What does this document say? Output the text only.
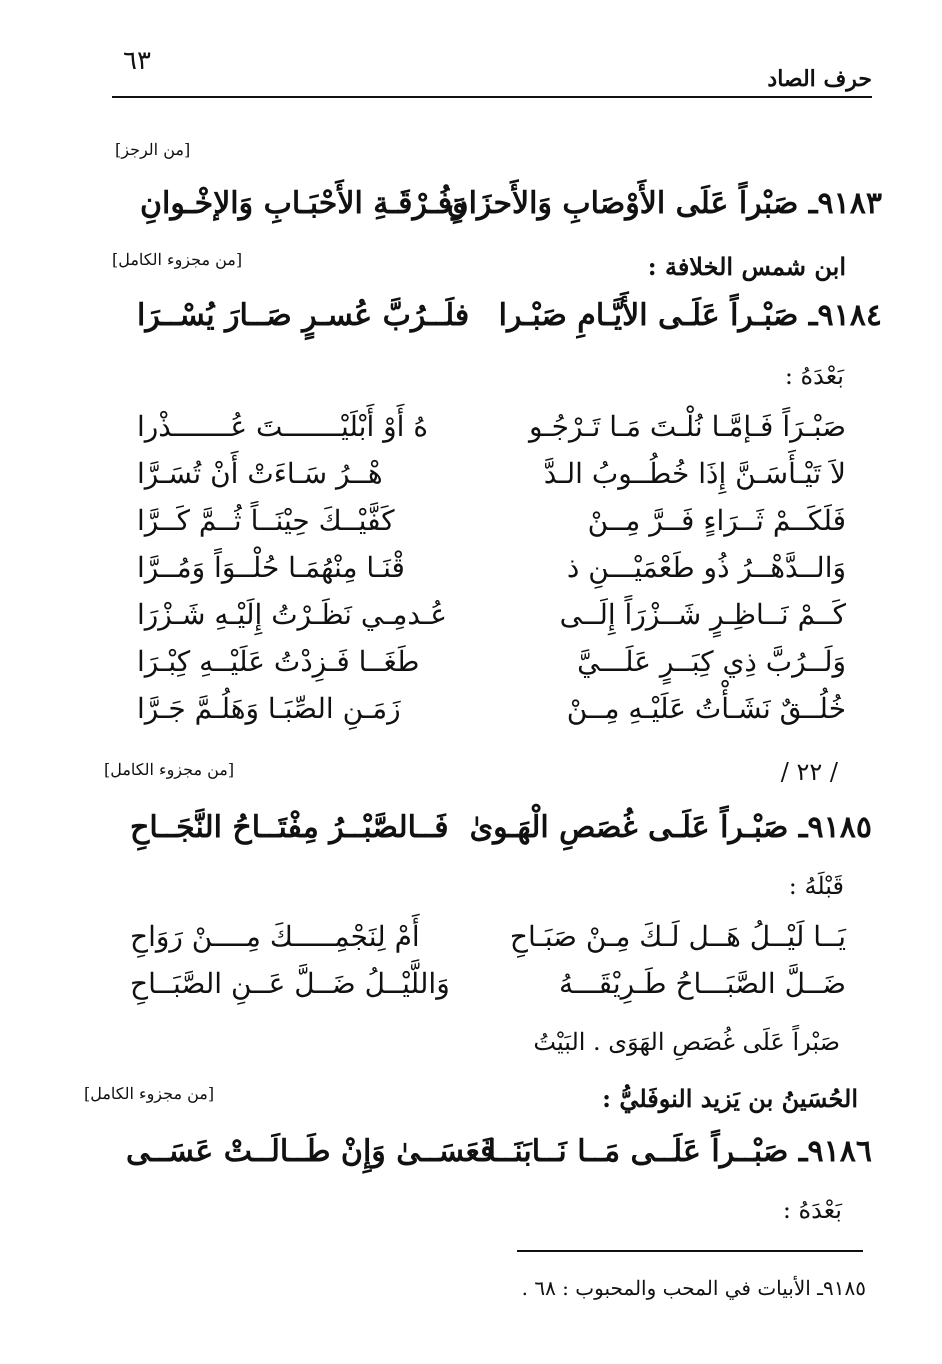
حرف الصاد
٦٣
[من الرجز]
٩١٨٣ـ صَبْراً عَلَى الأَوْصَابِ وَالأَحزَانِ
وَفُـرْقَـةِ الأَحْبَـابِ وَالإخْـوانِ
ابن شمس الخلافة :
[من مجزوء الكامل]
٩١٨٤ـ صَبْـراً عَلَـى الأَيَّـامِ صَبْـرا
فلَــرُبَّ عُسـرٍ صَــارَ يُسْــرَا
بَعْدَهُ :
صَبْـرَاً فَـإمَّـا نُلْـتَ مَـا تَـرْجُـو
هُ أَوْ أَبْلَيْـــــــتَ عُـــــــذْرا
لاَ تَيْـأَسَـنَّ إِذَا خُطُــوبُ الـدَّ
هْــرُ سَـاءَتْ أَنْ تُسَـرَّا
فَلَكَــمْ ثَــرَاءٍ فَــرَّ مِــنْ
كَفَّيْــكَ حِيْنَــاً ثُــمَّ كَــرَّا
وَالــدَّهْــرُ ذُو طَعْمَيْـــنِ ذ
قْنَـا مِنْهُمَـا حُلْــوَاً وَمُــرَّا
كَــمْ نَــاظِـرٍ شَــزْرَاً إِلَــى
عُـدمِـي نَظَـرْتُ إِلَيْـهِ شَـزْرَا
وَلَــرُبَّ ذِي كِبَــرٍ عَلَـــيَّ
طَغَــا فَـزِدْتُ عَلَيْــهِ كِبْـرَا
خُلُــقٌ نَشَـأْتُ عَلَيْـهِ مِــنْ
زَمَـنِ الصِّبَـا وَهَلُـمَّ جَـرَّا
/ ٢٢ /
[من مجزوء الكامل]
٩١٨٥ـ صَبْـراً عَلَـى غُصَصِ الْهَـوىٰ
فَــالصَّبْــرُ مِفْتَــاحُ النَّجَــاحِ
قَبْلَهُ :
يَــا لَيْــلُ هَــل لَـكَ مِـنْ صَبَـاحِ
أَمْ لِنَجْمِـــــكَ مِــــنْ رَوَاحِ
ضَــلَّ الصَّبَـــاحُ طَـرِيْقَـــهُ
وَاللَّيْــلُ ضَــلَّ عَــنِ الصَّبَــاحِ
صَبْراً عَلَى غُصَصِ الهَوَى . البَيْتُ
الحُسَينُ بن يَزيد النوفَليُّ :
[من مجزوء الكامل]
٩١٨٦ـ صَبْــراً عَلَــى مَــا نَــابَنَــا
فَعَسَــىٰ وَإِنْ طَــالَــتْ عَسَــى
بَعْدَهُ :
٩١٨٥ـ الأبيات في المحب والمحبوب : ٦٨ .
